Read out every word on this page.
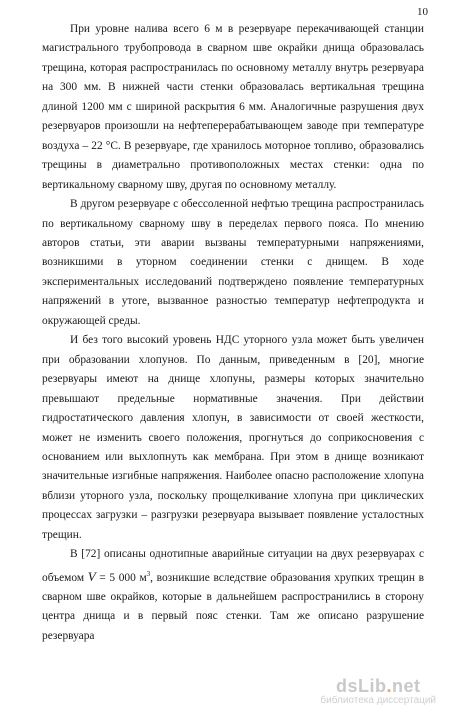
10

При уровне налива всего 6 м в резервуаре перекачивающей станции магистрального трубопровода в сварном шве окрайки днища образовалась трещина, которая распространилась по основному металлу внутрь резервуара на 300 мм. В нижней части стенки образовалась вертикальная трещина длиной 1200 мм с шириной раскрытия 6 мм. Аналогичные разрушения двух резервуаров произошли на нефтеперерабатывающем заводе при температуре воздуха – 22 °С. В резервуаре, где хранилось моторное топливо, образовались трещины в диаметрально противоположных местах стенки: одна по вертикальному сварному шву, другая по основному металлу.

В другом резервуаре с обессоленной нефтью трещина распространилась по вертикальному сварному шву в переделах первого пояса. По мнению авторов статьи, эти аварии вызваны температурными напряжениями, возникшими в уторном соединении стенки с днищем. В ходе экспериментальных исследований подтверждено появление температурных напряжений в утore, вызванное разностью температур нефтепродукта и окружающей среды.

И без того высокий уровень НДС уторного узла может быть увеличен при образовании хлопунов. По данным, приведенным в [20], многие резервуары имеют на днище хлопуны, размеры которых значительно превышают предельные нормативные значения. При действии гидростатического давления хлопун, в зависимости от своей жесткости, может не изменить своего положения, прогнуться до соприкосновения с основанием или выхлопнуть как мембрана. При этом в днище возникают значительные изгибные напряжения. Наиболее опасно расположение хлопуна вблизи уторного узла, поскольку прощелкивание хлопуна при циклических процессах загрузки – разгрузки резервуара вызывает появление усталостных трещин.

В [72] описаны однотипные аварийные ситуации на двух резервуарах с объемом V = 5 000 $м^3$, возникшие вследствие образования хрупких трещин в сварном шве окрайков, которые в дальнейшем распространились в сторону центра днища и в первый пояс стенки. Там же описано разрушение резервуара

dsLib.net
библиотека диссертаций
